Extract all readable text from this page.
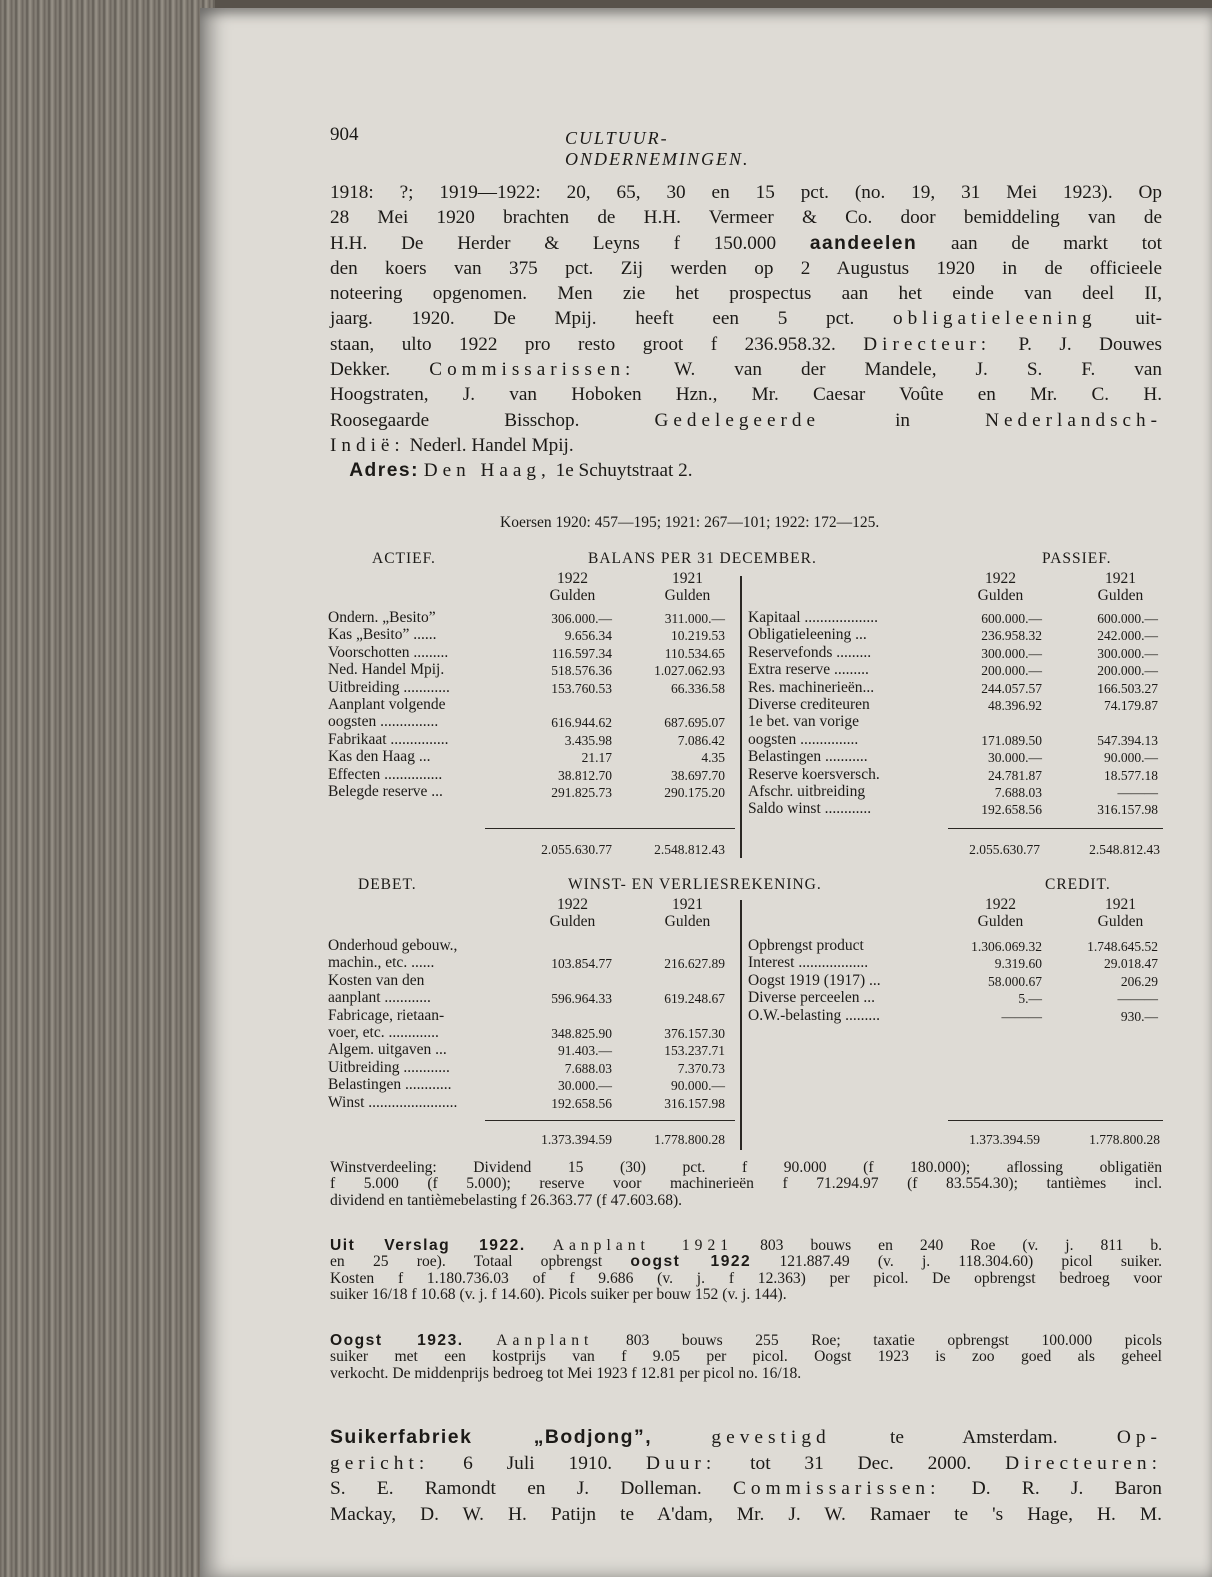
904	CULTUUR-ONDERNEMINGEN.
1918: ?; 1919—1922: 20, 65, 30 en 15 pct. (no. 19, 31 Mei 1923). Op
28 Mei 1920 brachten de H.H. Vermeer & Co. door bemiddeling van de
H.H. De Herder & Leyns f 150.000 aandeelen aan de markt tot
den koers van 375 pct. Zij werden op 2 Augustus 1920 in de officieele
noteering opgenomen. Men zie het prospectus aan het einde van deel II,
jaarg. 1920. De Mpij. heeft een 5 pct. obligatieleening uit-
staan, ulto 1922 pro resto groot f 236.958.32. Directeur: P. J. Douwes
Dekker. Commissarissen: W. van der Mandele, J. S. F. van
Hoogstraten, J. van Hoboken Hzn., Mr. Caesar Voûte en Mr. C. H.
Roosegaarde Bisschop.	Gedelegeerde	in	Nederlandsch-
Indië: Nederl. Handel Mpij.
Adres: Den Haag, 1e Schuytstraat 2.
Koersen 1920: 457—195; 1921: 267—101; 1922: 172—125.
ACTIEF.	BALANS PER 31 DECEMBER.	PASSIEF.
1922	1921
Gulden	Gulden
1922	1921
Gulden	Gulden
Ondern. „Besito”	306.000.—	311.000.—
Kas „Besito” ......	9.656.34	10.219.53
Voorschotten .........	116.597.34	110.534.65
Ned. Handel Mpij.	518.576.36	1.027.062.93
Uitbreiding ............	153.760.53	66.336.58
Aanplant volgende
oogsten ...............	616.944.62	687.695.07
Fabrikaat ...............	3.435.98	7.086.42
Kas den Haag ...	21.17	4.35
Effecten ...............	38.812.70	38.697.70
Belegde reserve ...	291.825.73	290.175.20
Kapitaal ...................	600.000.—	600.000.—
Obligatieleening ...	236.958.32	242.000.—
Reservefonds .........	300.000.—	300.000.—
Extra reserve .........	200.000.—	200.000.—
Res. machinerieën...	244.057.57	166.503.27
Diverse crediteuren	48.396.92	74.179.87
1e bet. van vorige
oogsten ...............	171.089.50	547.394.13
Belastingen ...........	30.000.—	90.000.—
Reserve koersversch.	24.781.87	18.577.18
Afschr. uitbreiding	7.688.03	———
Saldo winst ............	192.658.56	316.157.98
2.055.630.77	2.548.812.43	2.055.630.77	2.548.812.43
DEBET.	WINST- EN VERLIESREKENING.	CREDIT.
1922	1921
Gulden	Gulden
1922	1921
Gulden	Gulden
Onderhoud gebouw.,
machin., etc. ......	103.854.77	216.627.89
Kosten van den
aanplant ............	596.964.33	619.248.67
Fabricage, rietaan-
voer, etc. .............	348.825.90	376.157.30
Algem. uitgaven ...	91.403.—	153.237.71
Uitbreiding ............	7.688.03	7.370.73
Belastingen ............	30.000.—	90.000.—
Winst .......................	192.658.56	316.157.98
Opbrengst product	1.306.069.32	1.748.645.52
Interest ..................	9.319.60	29.018.47
Oogst 1919 (1917) ...	58.000.67	206.29
Diverse perceelen ...	5.—	———
O.W.-belasting .........	———	930.—
1.373.394.59	1.778.800.28	1.373.394.59	1.778.800.28
Winstverdeeling: Dividend 15 (30) pct. f 90.000 (f 180.000); aflossing obligatiën
f 5.000 (f 5.000); reserve voor machinerieën f 71.294.97 (f 83.554.30); tantièmes incl.
dividend en tantièmebelasting f 26.363.77 (f 47.603.68).
Uit Verslag 1922. Aanplant 1921 803 bouws en 240 Roe (v. j. 811 b.
en 25 roe). Totaal opbrengst oogst 1922 121.887.49 (v. j. 118.304.60) picol suiker.
Kosten f 1.180.736.03 of f 9.686 (v. j. f 12.363) per picol. De opbrengst bedroeg voor
suiker 16/18 f 10.68 (v. j. f 14.60). Picols suiker per bouw 152 (v. j. 144).
Oogst 1923. Aanplant 803 bouws 255 Roe; taxatie opbrengst 100.000 picols
suiker met een kostprijs van f 9.05 per picol. Oogst 1923 is zoo goed als geheel
verkocht. De middenprijs bedroeg tot Mei 1923 f 12.81 per picol no. 16/18.
Suikerfabriek „Bodjong”,	gevestigd	te Amsterdam.	Op-
gericht: 6 Juli 1910. Duur: tot 31 Dec. 2000. Directeuren:
S. E. Ramondt en J. Dolleman. Commissarissen: D. R. J. Baron
Mackay, D. W. H. Patijn te A'dam, Mr. J. W. Ramaer te 's Hage, H. M.
